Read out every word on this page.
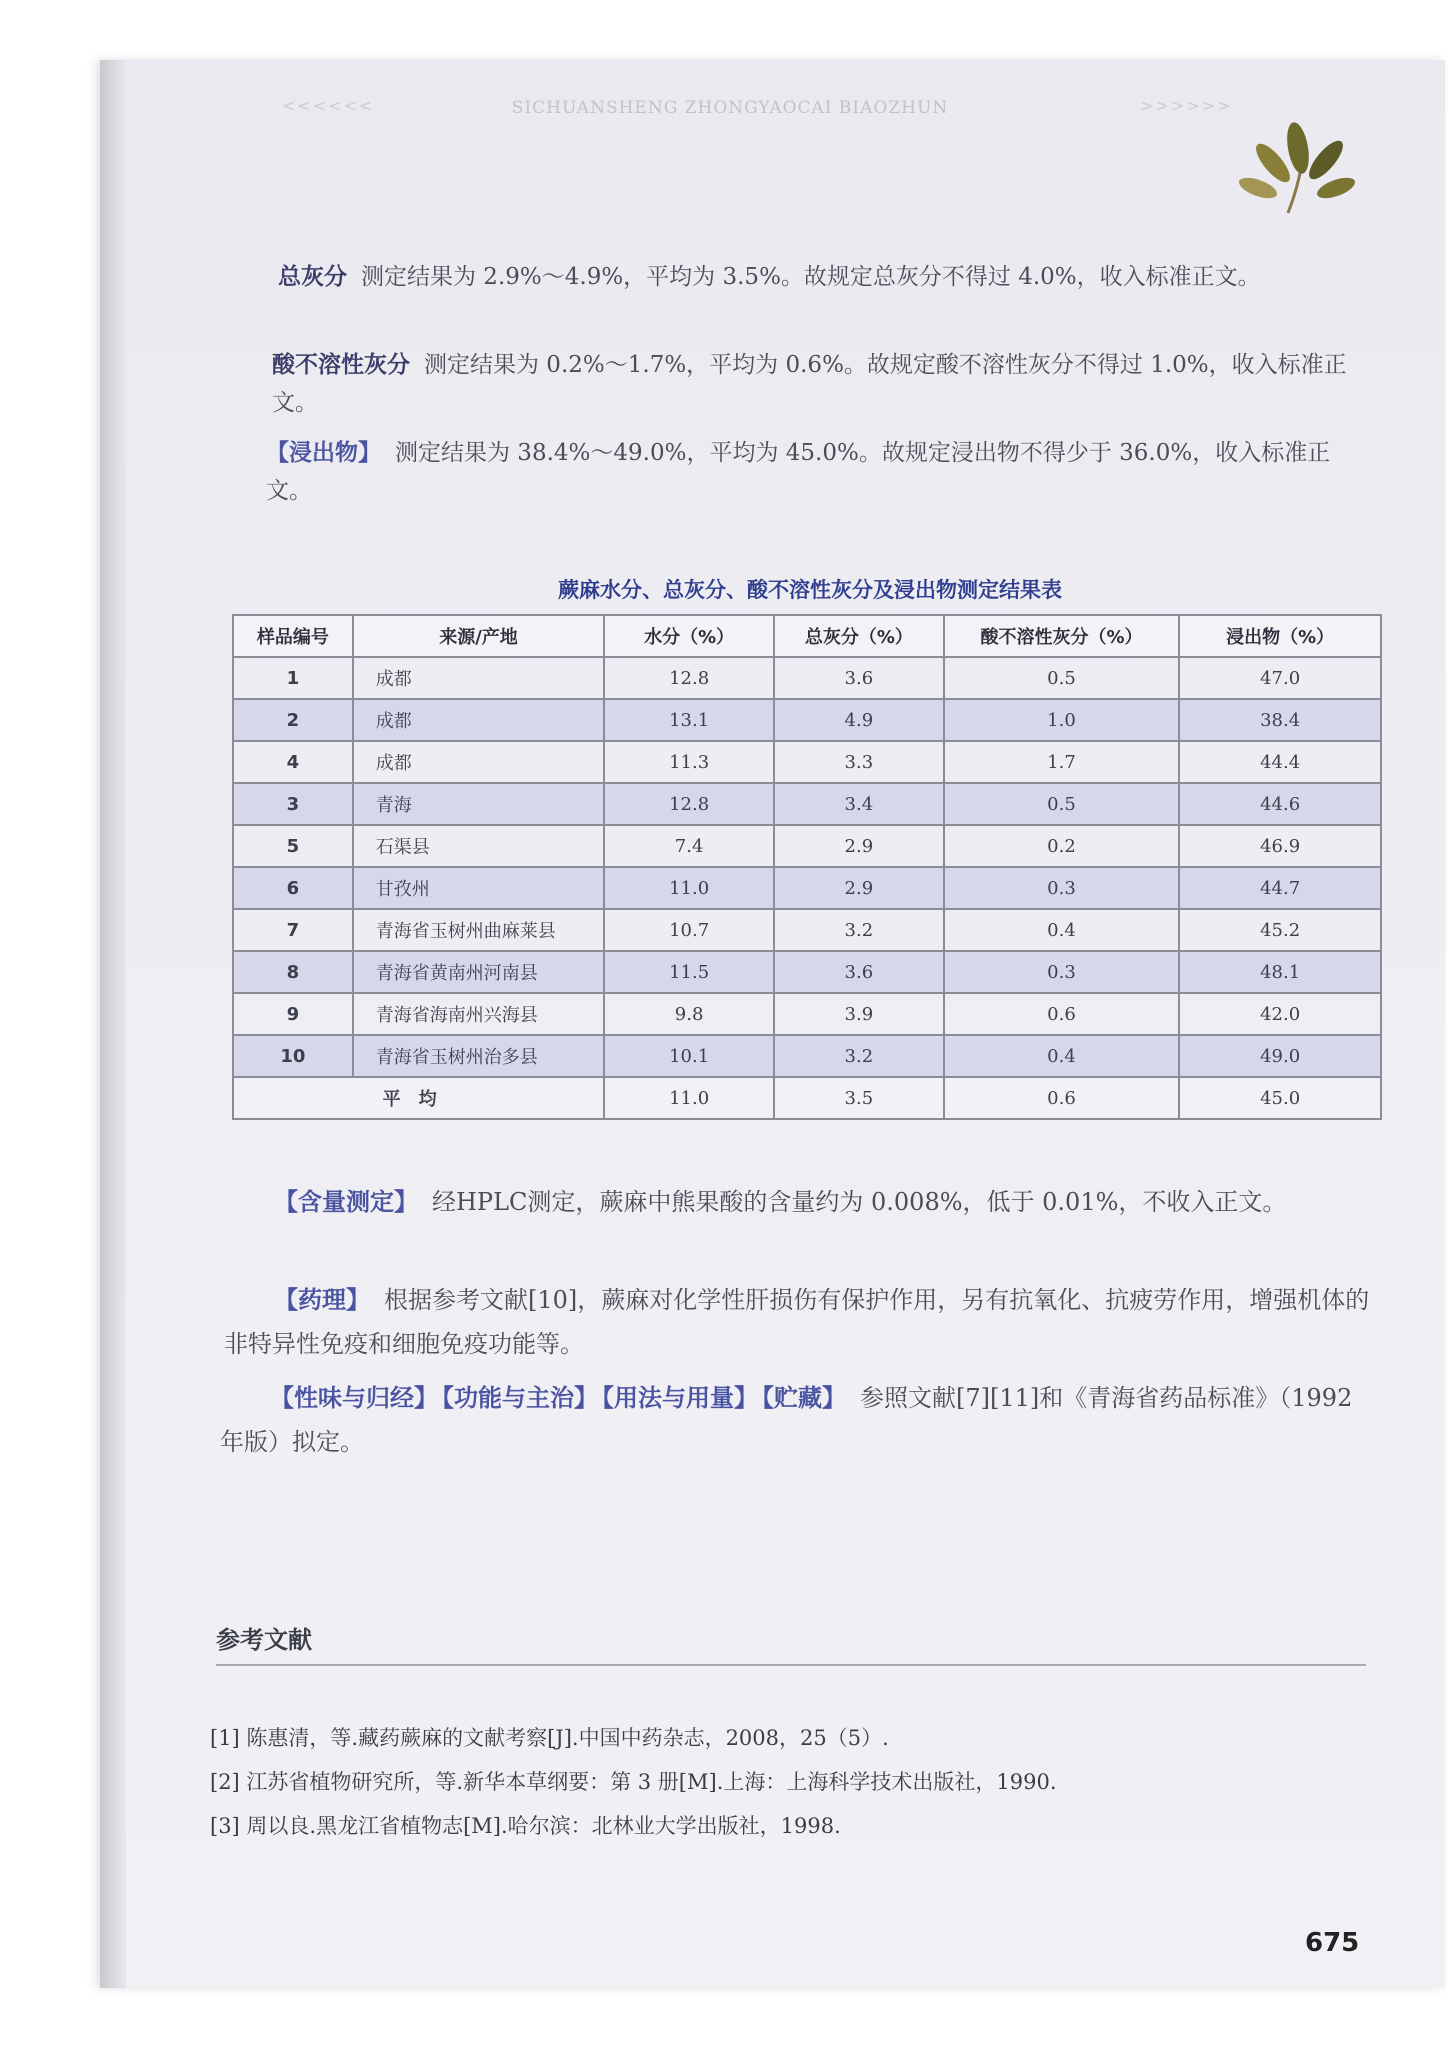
<<<<<<	SICHUANSHENG ZHONGYAOCAI BIAOZHUN	>>>>>>
总灰分 测定结果为 2.9%～4.9%，平均为 3.5%。故规定总灰分不得过 4.0%，收入标准正文。
酸不溶性灰分 测定结果为 0.2%～1.7%，平均为 0.6%。故规定酸不溶性灰分不得过 1.0%，收入标准正文。
【浸出物】 测定结果为 38.4%～49.0%，平均为 45.0%。故规定浸出物不得少于 36.0%，收入标准正文。
蕨麻水分、总灰分、酸不溶性灰分及浸出物测定结果表
样品编号	来源/产地	水分（%）	总灰分（%）	酸不溶性灰分（%）	浸出物（%）
1	成都	12.8	3.6	0.5	47.0
2	成都	13.1	4.9	1.0	38.4
4	成都	11.3	3.3	1.7	44.4
3	青海	12.8	3.4	0.5	44.6
5	石渠县	7.4	2.9	0.2	46.9
6	甘孜州	11.0	2.9	0.3	44.7
7	青海省玉树州曲麻莱县	10.7	3.2	0.4	45.2
8	青海省黄南州河南县	11.5	3.6	0.3	48.1
9	青海省海南州兴海县	9.8	3.9	0.6	42.0
10	青海省玉树州治多县	10.1	3.2	0.4	49.0
平均		11.0	3.5	0.6	45.0
【含量测定】 经HPLC测定，蕨麻中熊果酸的含量约为 0.008%，低于 0.01%，不收入正文。
【药理】 根据参考文献[10]，蕨麻对化学性肝损伤有保护作用，另有抗氧化、抗疲劳作用，增强机体的非特异性免疫和细胞免疫功能等。
【性味与归经】 【功能与主治】 【用法与用量】 【贮藏】 参照文献[7][11]和《青海省药品标准》（1992年版）拟定。
参考文献
[1] 陈惠清，等.藏药蕨麻的文献考察[J].中国中药杂志，2008，25（5）.
[2] 江苏省植物研究所，等.新华本草纲要：第 3 册[M].上海：上海科学技术出版社，1990.
[3] 周以良.黑龙江省植物志[M].哈尔滨：北林业大学出版社，1998.
675
